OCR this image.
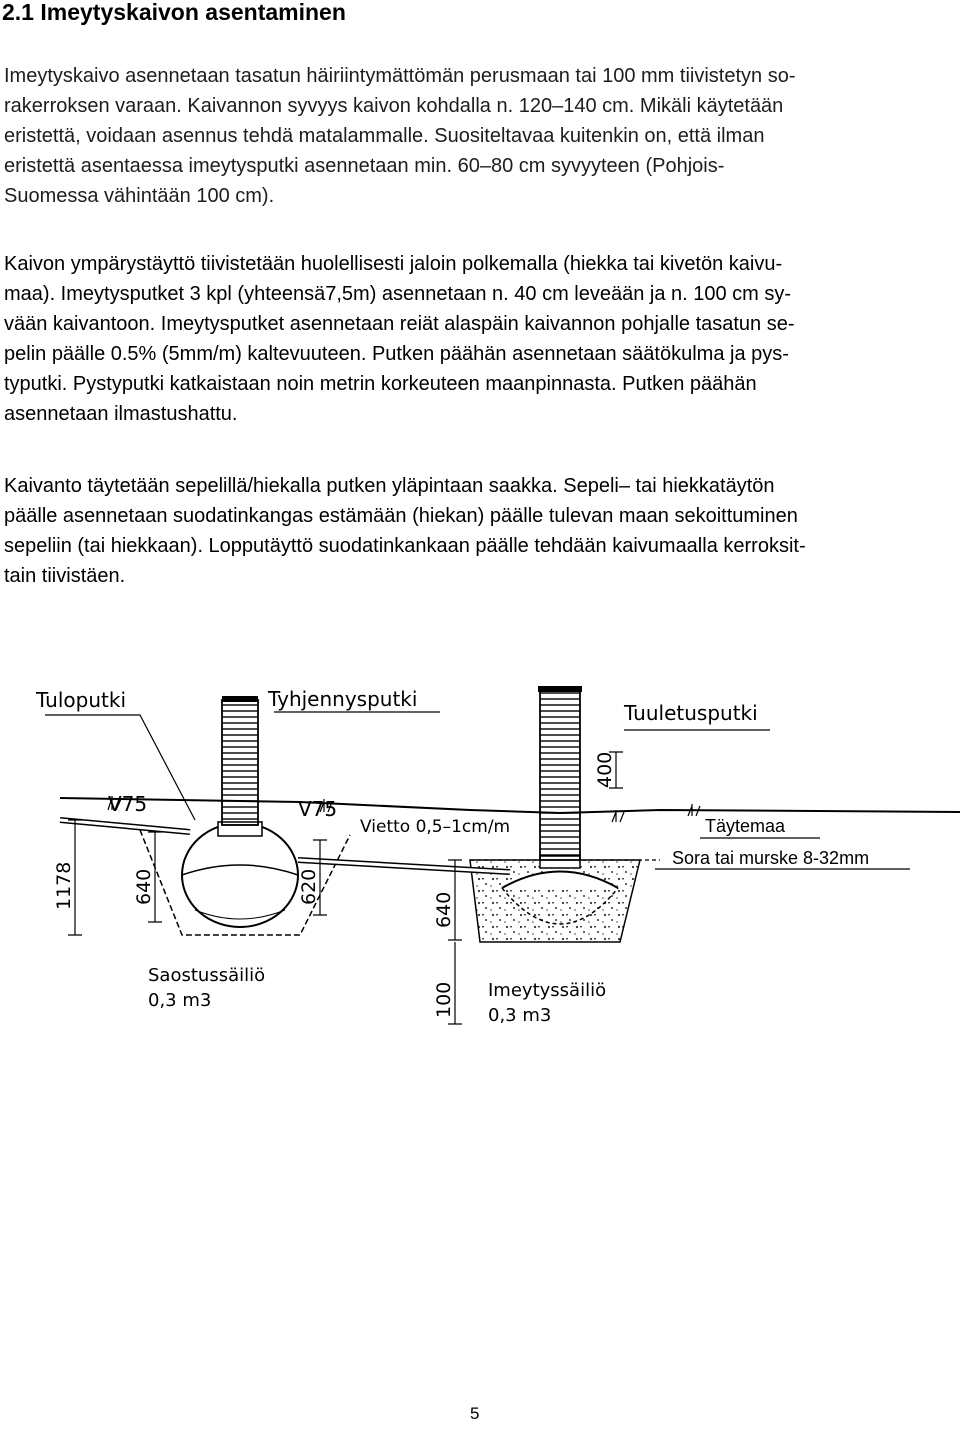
2.1 Imeytyskaivon asentaminen

Imeytyskaivo asennetaan tasatun häiriintymättömän perusmaan tai 100 mm tiivistetyn so-
rakerroksen varaan. Kaivannon syvyys kaivon kohdalla n. 120–140 cm. Mikäli käytetään
eristettä, voidaan asennus tehdä matalammalle. Suositeltavaa kuitenkin on, että ilman
eristettä asentaessa imeytysputki asennetaan min. 60–80 cm syvyyteen (Pohjois-
Suomessa vähintään 100 cm).

Kaivon ympärystäyttö tiivistetään huolellisesti jaloin polkemalla (hiekka tai kivetön kaivu-
maa). Imeytysputket 3 kpl (yhteensä7,5m) asennetaan n. 40 cm leveään ja n. 100 cm sy-
vään kaivantoon. Imeytysputket asennetaan reiät alaspäin kaivannon pohjalle tasatun se-
pelin päälle 0.5% (5mm/m) kaltevuuteen. Putken päähän asennetaan säätökulma ja pys-
typutki. Pystyputki katkaistaan noin metrin korkeuteen maanpinnasta. Putken päähän
asennetaan ilmastushattu.

Kaivanto täytetään sepelillä/hiekalla putken yläpintaan saakka. Sepeli– tai hiekkatäytön
päälle asennetaan suodatinkangas estämään (hiekan) päälle tulevan maan sekoittuminen
sepeliin (tai hiekkaan). Lopputäyttö suodatinkankaan päälle tehdään kaivumaalla kerroksit-
tain tiivistäen.

Tuloputki	Tyhjennysputki
Tuuletusputki
V75	V75
Vietto 0,5–1cm/m	Täytemaa
Sora tai murske 8-32mm
Saostussäiliö
0,3 m3	Imeytyssäiliö
0,3 m3
1178	640	620
640
100
400
5
